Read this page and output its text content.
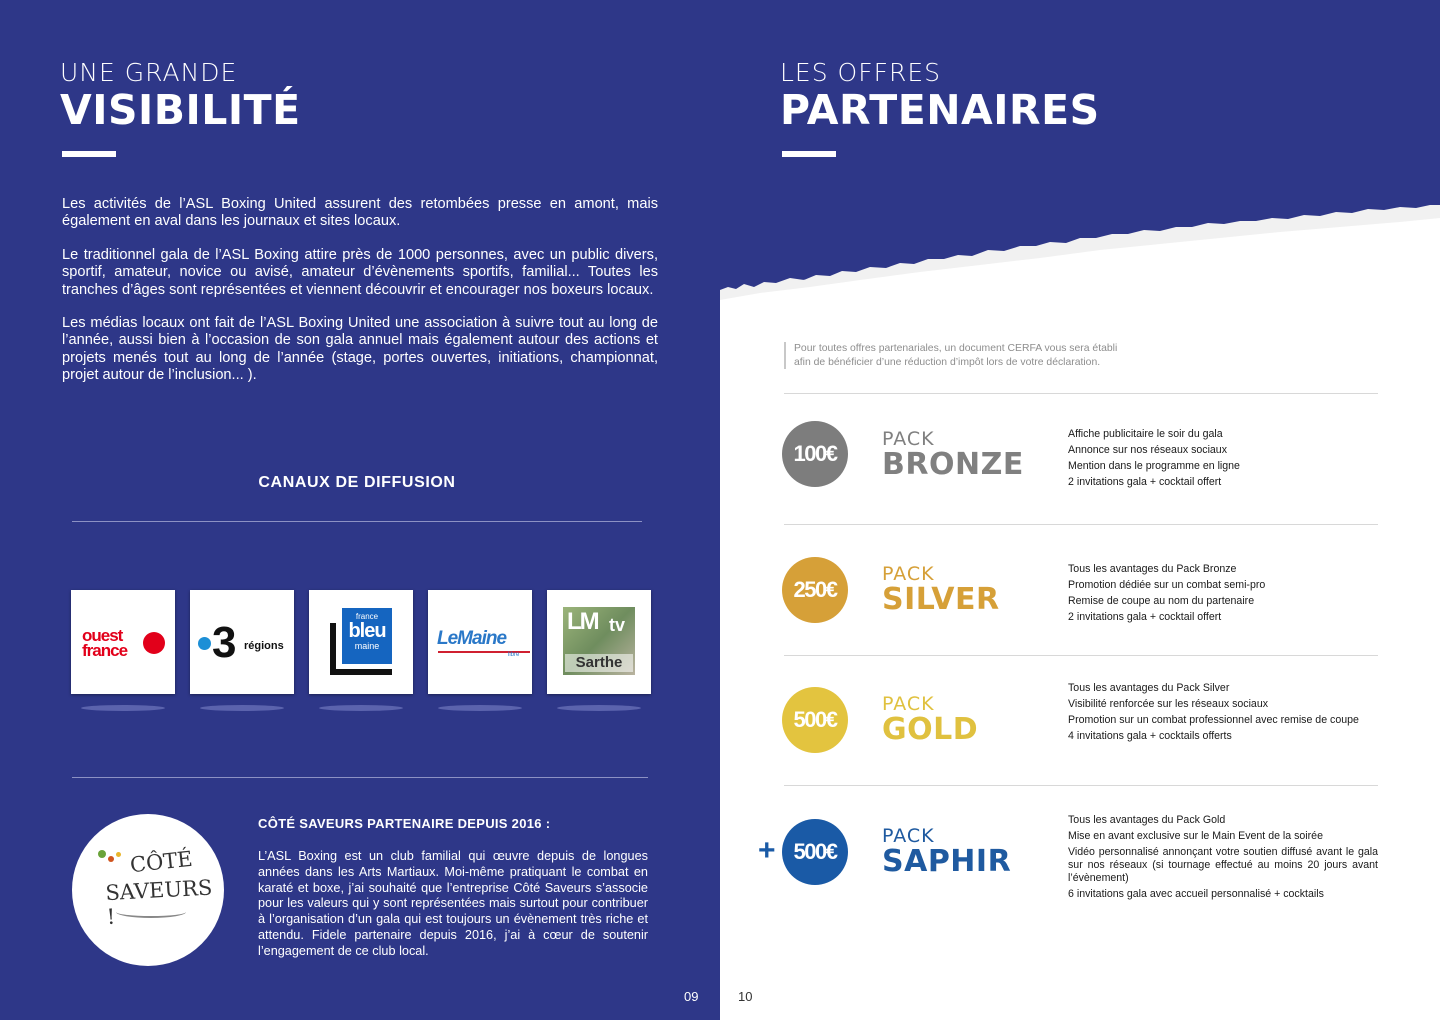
UNE GRANDE
VISIBILITÉ

Les activités de l’ASL Boxing United assurent des retombées presse en amont, mais également en aval dans les journaux et sites locaux.

Le traditionnel gala de l’ASL Boxing attire près de 1000 personnes, avec un public divers, sportif, amateur, novice ou avisé, amateur d’évènements sportifs, familial... Toutes les tranches d’âges sont représentées et viennent découvrir et encourager nos boxeurs locaux.

Les médias locaux ont fait de l’ASL Boxing United une association à suivre tout au long de l’année, aussi bien à l’occasion de son gala annuel mais également autour des actions et projets menés tout au long de l’année (stage, portes ouvertes, initiations, championnat, projet autour de l’inclusion... ).

CANAUX DE DIFFUSION
ouest
france 3 régions
france
bleu
maine	LeMaine
libre
LM tv
Sarthe
CÔTÉ
SAVEURS !
CÔTÉ SAVEURS PARTENAIRE DEPUIS 2016 :
L’ASL Boxing est un club familial qui œuvre depuis de longues années dans les Arts Martiaux. Moi-même pratiquant le combat en karaté et boxe, j’ai souhaité que l’entreprise Côté Saveurs s’associe pour les valeurs qui y sont représentées mais surtout pour contribuer à l’organisation d’un gala qui est toujours un évènement très riche et attendu. Fidele partenaire depuis 2016, j’ai à cœur de soutenir l’engagement de ce club local.
09
LES OFFRES
PARTENAIRES
Pour toutes offres partenariales, un document CERFA vous sera établi
afin de bénéficier d’une réduction d’impôt lors de votre déclaration.
100€
PACK
BRONZE
Affiche publicitaire le soir du gala
Annonce sur nos réseaux sociaux
Mention dans le programme en ligne
2 invitations gala + cocktail offert
250€
PACK
SILVER
Tous les avantages du Pack Bronze
Promotion dédiée sur un combat semi-pro
Remise de coupe au nom du partenaire
2 invitations gala + cocktail offert
500€
PACK
GOLD
Tous les avantages du Pack Silver
Visibilité renforcée sur les réseaux sociaux
Promotion sur un combat professionnel avec remise de coupe
4 invitations gala + cocktails offerts
+ 500€
PACK
SAPHIR
Tous les avantages du Pack Gold
Mise en avant exclusive sur le Main Event de la soirée
Vidéo personnalisé annonçant votre soutien diffusé avant le gala sur nos réseaux (si tournage effectué au moins 20 jours avant l’évènement)
6 invitations gala avec accueil personnalisé + cocktails
10
